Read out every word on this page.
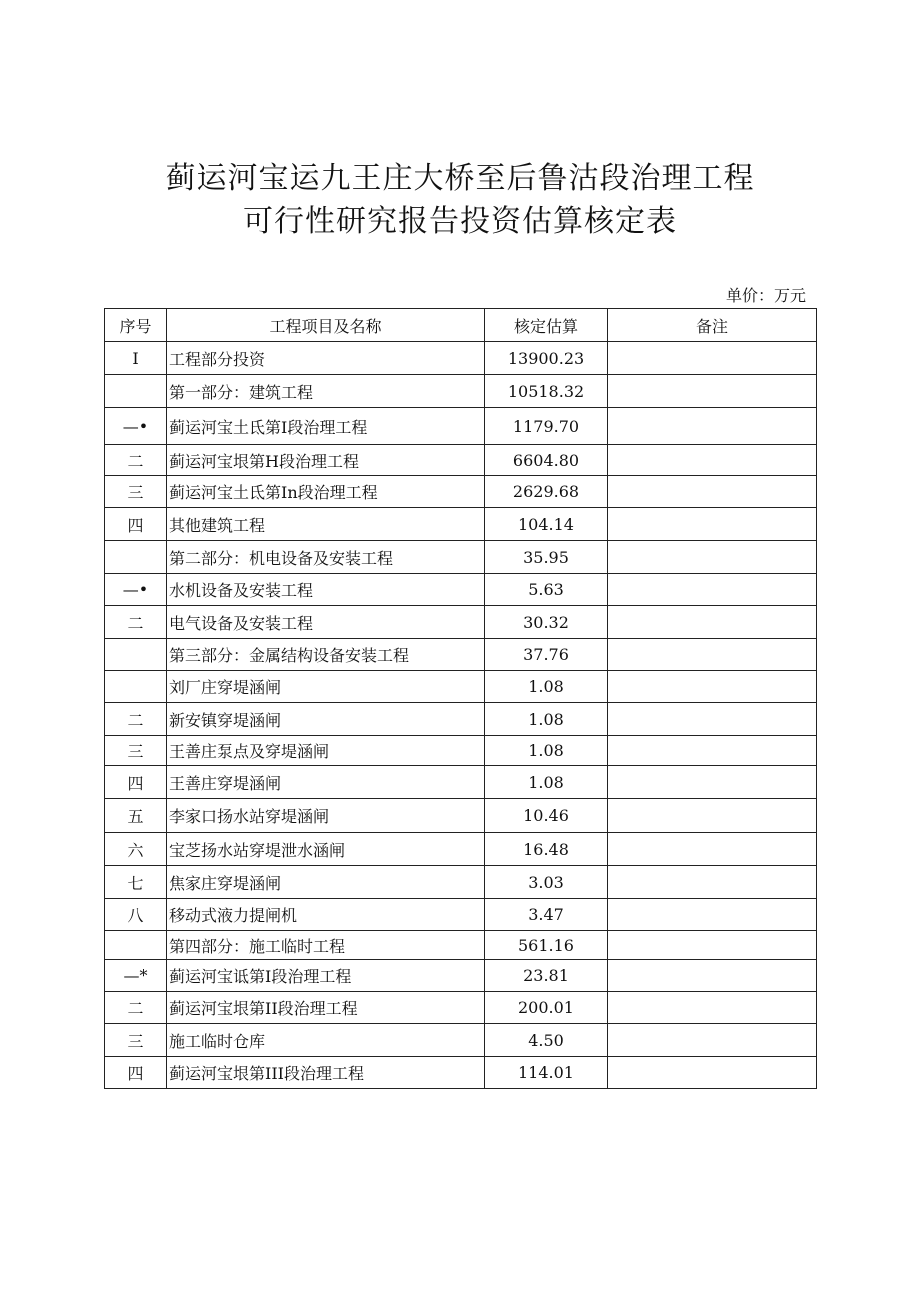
蓟运河宝运九王庄大桥至后鲁沽段治理工程
可行性研究报告投资估算核定表
单价：万元
序号	工程项目及名称	核定估算	备注
I	工程部分投资	13900.23	
	第一部分：建筑工程	10518.32	
—•	蓟运河宝土氐第I段治理工程	1179.70	
二	蓟运河宝垠第H段治理工程	6604.80	
三	蓟运河宝土氐第In段治理工程	2629.68	
四	其他建筑工程	104.14	
	第二部分：机电设备及安装工程	35.95	
—•	水机设备及安装工程	5.63	
二	电气设备及安装工程	30.32	
	第三部分：金属结构设备安装工程	37.76	
	刘厂庄穿堤涵闸	1.08	
二	新安镇穿堤涵闸	1.08	
三	王善庄泵点及穿堤涵闸	1.08	
四	王善庄穿堤涵闸	1.08	
五	李家口扬水站穿堤涵闸	10.46	
六	宝芝扬水站穿堤泄水涵闸	16.48	
七	焦家庄穿堤涵闸	3.03	
八	移动式液力提闸机	3.47	
	第四部分：施工临时工程	561.16	
—*	蓟运河宝诋第I段治理工程	23.81	
二	蓟运河宝垠第II段治理工程	200.01	
三	施工临时仓库	4.50	
四	蓟运河宝垠第III段治理工程	114.01	
